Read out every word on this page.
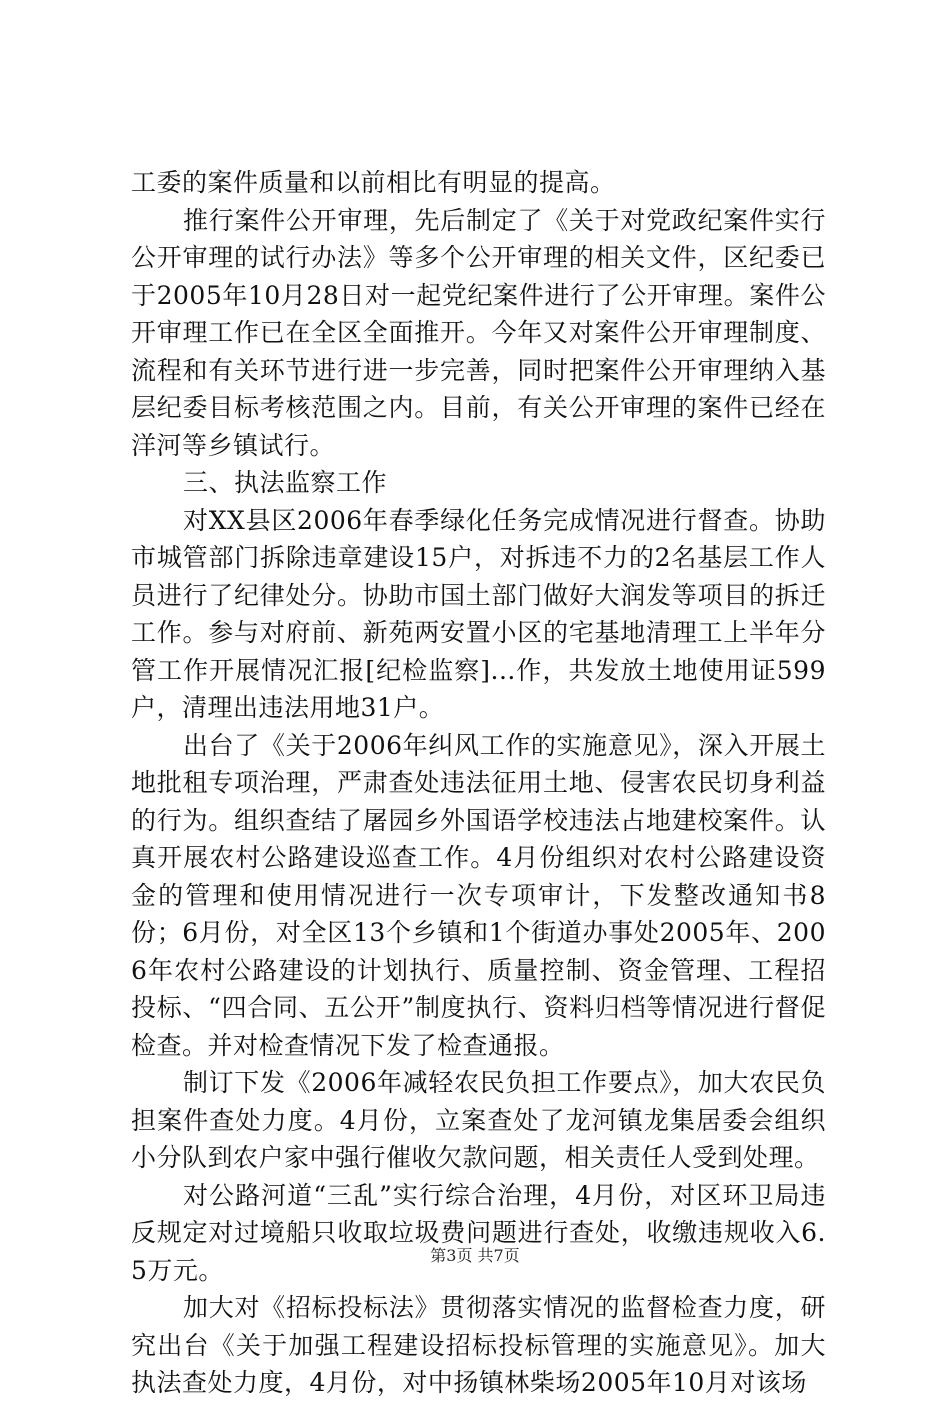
工委的案件质量和以前相比有明显的提高。

推行案件公开审理，先后制定了《关于对党政纪案件实行公开审理的试行办法》等多个公开审理的相关文件，区纪委已于2005年10月28日对一起党纪案件进行了公开审理。案件公开审理工作已在全区全面推开。今年又对案件公开审理制度、流程和有关环节进行进一步完善，同时把案件公开审理纳入基层纪委目标考核范围之内。目前，有关公开审理的案件已经在洋河等乡镇试行。

三、执法监察工作

对XX县区2006年春季绿化任务完成情况进行督查。协助市城管部门拆除违章建设15户，对拆违不力的2名基层工作人员进行了纪律处分。协助市国土部门做好大润发等项目的拆迁工作。参与对府前、新苑两安置小区的宅基地清理工上半年分管工作开展情况汇报[纪检监察]...作，共发放土地使用证599户，清理出违法用地31户。

出台了《关于2006年纠风工作的实施意见》，深入开展土地批租专项治理，严肃查处违法征用土地、侵害农民切身利益的行为。组织查结了屠园乡外国语学校违法占地建校案件。认真开展农村公路建设巡查工作。4月份组织对农村公路建设资金的管理和使用情况进行一次专项审计，下发整改通知书8份；6月份，对全区13个乡镇和1个街道办事处2005年、2006年农村公路建设的计划执行、质量控制、资金管理、工程招投标、“四合同、五公开”制度执行、资料归档等情况进行督促检查。并对检查情况下发了检查通报。

制订下发《2006年减轻农民负担工作要点》，加大农民负担案件查处力度。4月份，立案查处了龙河镇龙集居委会组织小分队到农户家中强行催收欠款问题，相关责任人受到处理。

对公路河道“三乱”实行综合治理，4月份，对区环卫局违反规定对过境船只收取垃圾费问题进行查处，收缴违规收入6.5万元。

加大对《招标投标法》贯彻落实情况的监督检查力度，研究出台《关于加强工程建设招标投标管理的实施意见》。加大执法查处力度，4月份，对中扬镇林柴场2005年10月对该场

第3页 共7页
